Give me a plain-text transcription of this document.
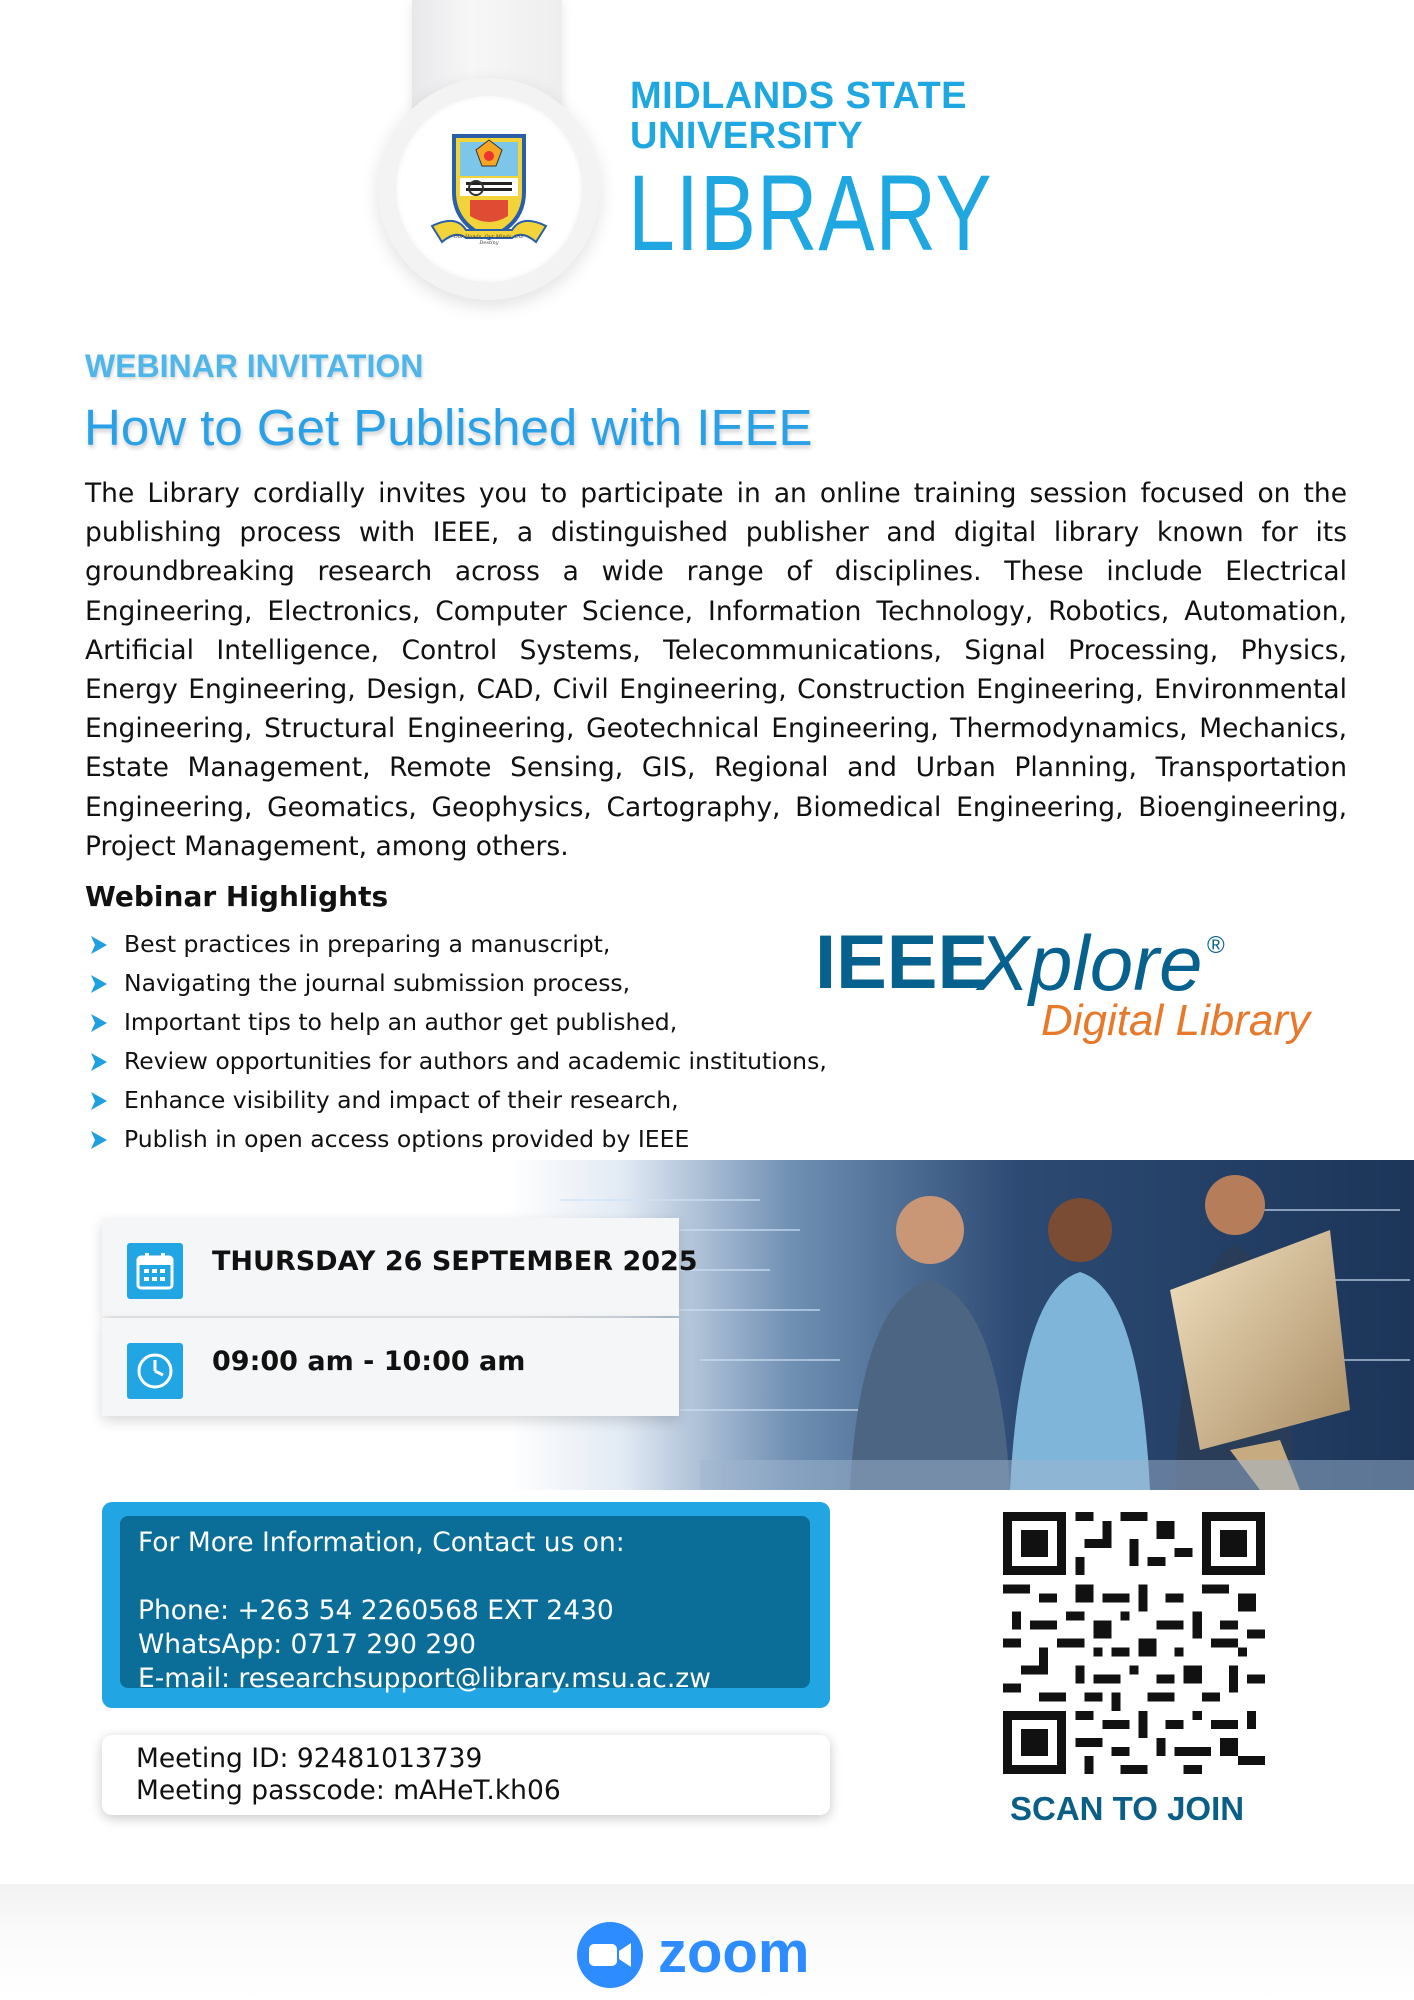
Our Hands, Our Minds, Our Destiny
MIDLANDS STATE
UNIVERSITY
LIBRARY
WEBINAR INVITATION
How to Get Published with IEEE
The Library cordially invites you to participate in an online training session focused on the publishing process with IEEE, a distinguished publisher and digital library known for its groundbreaking research across a wide range of disciplines. These include Electrical Engineering, Electronics, Computer Science, Information Technology, Robotics, Automation, Artificial Intelligence, Control Systems, Telecommunications, Signal Processing, Physics, Energy Engineering, Design, CAD, Civil Engineering, Construction Engineering, Environmental Engineering, Structural Engineering, Geotechnical Engineering, Thermodynamics, Mechanics, Estate Management, Remote Sensing, GIS, Regional and Urban Planning, Transportation Engineering, Geomatics, Geophysics, Cartography, Biomedical Engineering, Bioengineering, Project Management, among others.
Webinar Highlights
Best practices in preparing a manuscript,
Navigating the journal submission process,
Important tips to help an author get published,
Review opportunities for authors and academic institutions,
Enhance visibility and impact of their research,
Publish in open access options provided by IEEE
IEEE
Xplore ®
Digital Library
THURSDAY 26 SEPTEMBER 2025
09:00 am - 10:00 am
For More Information, Contact us on:
Phone: +263 54 2260568 EXT 2430
WhatsApp: 0717 290 290
E-mail: researchsupport@library.msu.ac.zw
Meeting ID: 92481013739
Meeting passcode: mAHeT.kh06	SCAN TO JOIN
zoom
